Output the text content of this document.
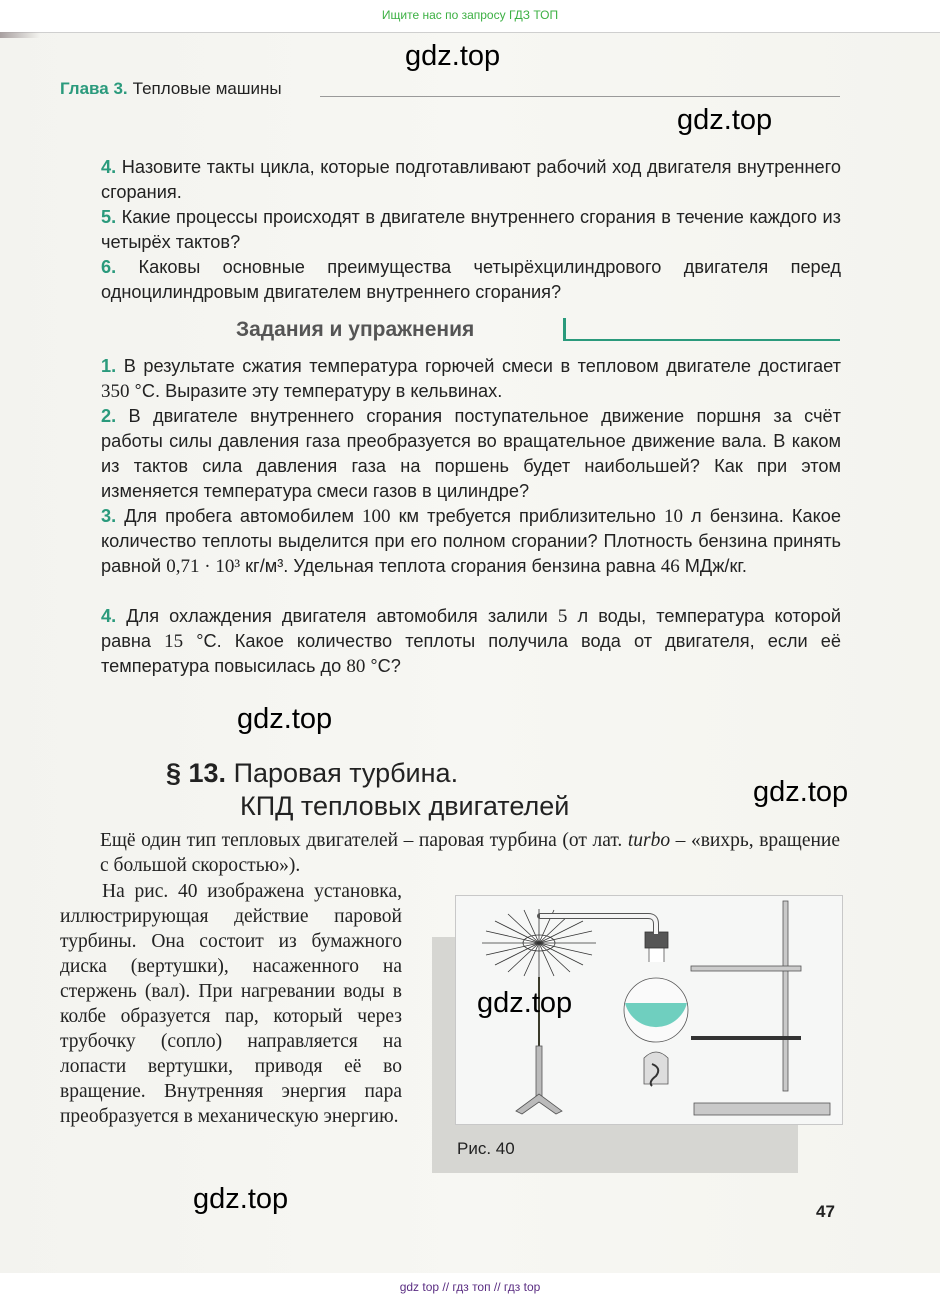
Ищите нас по запросу ГДЗ ТОП
Глава 3. Тепловые машины
4. Назовите такты цикла, которые подготавливают рабочий ход двигателя внутреннего сгорания.
5. Какие процессы происходят в двигателе внутреннего сгорания в течение каждого из четырёх тактов?
6. Каковы основные преимущества четырёхцилиндрового двигателя перед одноцилиндровым двигателем внутреннего сгорания?
Задания и упражнения
1. В результате сжатия температура горючей смеси в тепловом двигателе достигает 350 °C. Выразите эту температуру в кельвинах.
2. В двигателе внутреннего сгорания поступательное движение поршня за счёт работы силы давления газа преобразуется во вращательное движение вала. В каком из тактов сила давления газа на поршень будет наибольшей? Как при этом изменяется температура смеси газов в цилиндре?
3. Для пробега автомобилем 100 км требуется приблизительно 10 л бензина. Какое количество теплоты выделится при его полном сгорании? Плотность бензина принять равной 0,71 · 10³ кг/м³. Удельная теплота сгорания бензина равна 46 МДж/кг.
4. Для охлаждения двигателя автомобиля залили 5 л воды, температура которой равна 15 °C. Какое количество теплоты получила вода от двигателя, если её температура повысилась до 80 °C?
§ 13. Паровая турбина.
КПД тепловых двигателей
Ещё один тип тепловых двигателей – паровая турбина (от лат. turbo – «вихрь, вращение с большой скоростью»).
На рис. 40 изображена установка, иллюстрирующая действие паровой турбины. Она состоит из бумажного диска (вертушки), насаженного на стержень (вал). При нагревании воды в колбе образуется пар, который через трубочку (сопло) направляется на лопасти вертушки, приводя её во вращение. Внутренняя энергия пара преобразуется в механическую энергию.
Рис. 40
47
gdz.top
gdz.top
gdz.top
gdz.top
gdz.top
gdz.top
gdz top // гдз топ // гдз top
